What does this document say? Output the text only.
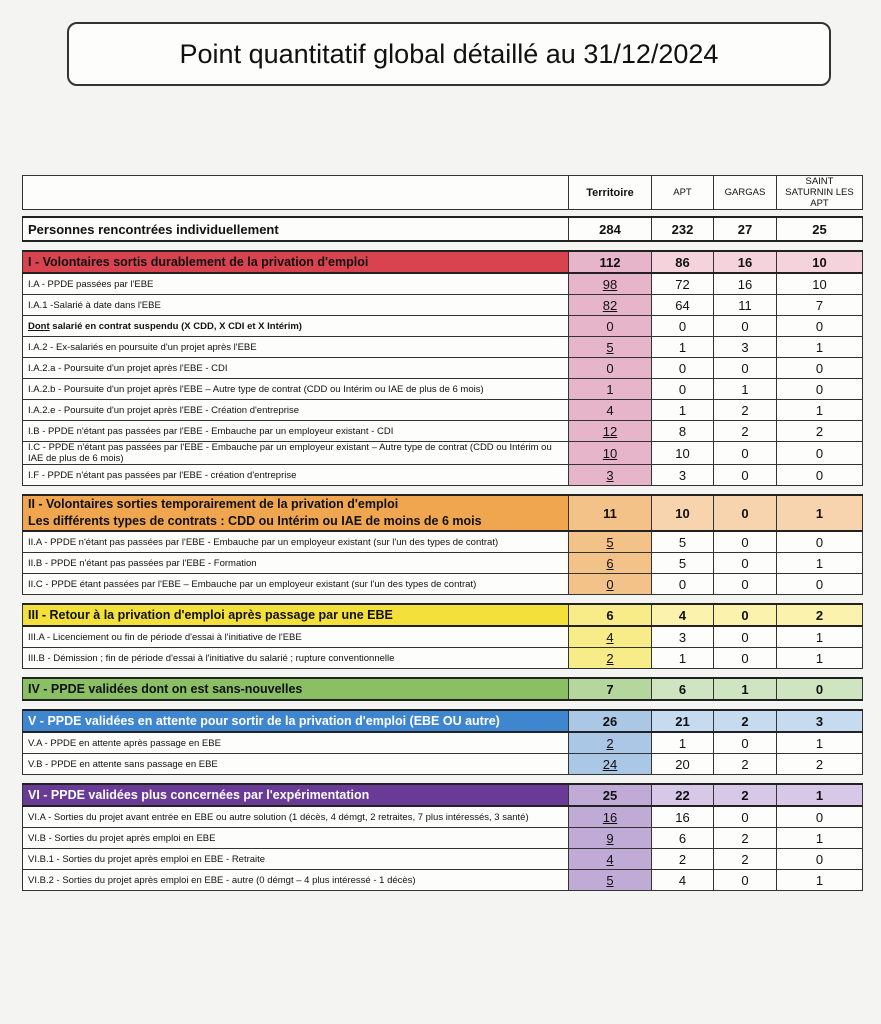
Point quantitatif global détaillé au 31/12/2024
	Territoire	APT	GARGAS	SAINT SATURNIN LES APT

Personnes rencontrées individuellement	284	232	27	25

I - Volontaires sortis durablement de la privation d'emploi	112	86	16	10
I.A - PPDE passées par l'EBE	98	72	16	10
I.A.1 -Salarié à date dans l'EBE	82	64	11	7
Dont salarié en contrat suspendu (X CDD, X CDI et X Intérim)	0	0	0	0
I.A.2 - Ex-salariés en poursuite d'un projet après l'EBE	5	1	3	1
I.A.2.a - Poursuite d'un projet après l'EBE - CDI	0	0	0	0
I.A.2.b - Poursuite d'un projet après l'EBE – Autre type de contrat (CDD ou Intérim ou IAE de plus de 6 mois)	1	0	1	0
I.A.2.e - Poursuite d'un projet après l'EBE - Création d'entreprise	4	1	2	1
I.B - PPDE n'étant pas passées par l'EBE - Embauche par un employeur existant - CDI	12	8	2	2
I.C - PPDE n'étant pas passées par l'EBE - Embauche par un employeur existant – Autre type de contrat (CDD ou Intérim ou IAE de plus de 6 mois)	10	10	0	0
I.F - PPDE n'étant pas passées par l'EBE - création d'entreprise	3	3	0	0

II - Volontaires sorties temporairement de la privation d'emploi
Les différents types de contrats : CDD ou Intérim ou IAE de moins de 6 mois	11	10	0	1
II.A - PPDE n'étant pas passées par l'EBE - Embauche par un employeur existant (sur l'un des types de contrat)	5	5	0	0
II.B - PPDE n'étant pas passées par l'EBE - Formation	6	5	0	1
II.C - PPDE étant passées par l'EBE – Embauche par un employeur existant (sur l'un des types de contrat)	0	0	0	0

III - Retour à la privation d'emploi après passage par une EBE	6	4	0	2
III.A - Licenciement ou fin de période d'essai à l'initiative de l'EBE	4	3	0	1
III.B - Démission ; fin de période d'essai à l'initiative du salarié ; rupture conventionnelle	2	1	0	1

IV - PPDE validées dont on est sans-nouvelles	7	6	1	0

V - PPDE validées en attente pour sortir de la privation d'emploi (EBE OU autre)	26	21	2	3
V.A - PPDE en attente après passage en EBE	2	1	0	1
V.B - PPDE en attente sans passage en EBE	24	20	2	2

VI - PPDE validées plus concernées par l'expérimentation	25	22	2	1
VI.A - Sorties du projet avant entrée en EBE ou autre solution (1 décès, 4 démgt, 2 retraites, 7 plus intéressés, 3 santé)	16	16	0	0
VI.B - Sorties du projet après emploi en EBE	9	6	2	1
VI.B.1 - Sorties du projet après emploi en EBE - Retraite	4	2	2	0
VI.B.2 - Sorties du projet après emploi en EBE - autre (0 démgt – 4 plus intéressé - 1 décès)	5	4	0	1
